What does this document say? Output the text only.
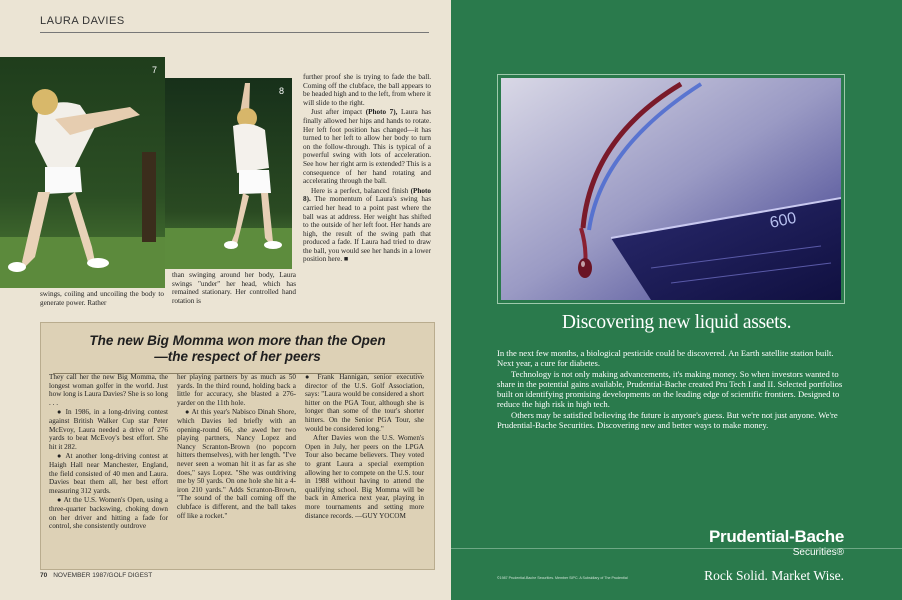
LAURA DAVIES
7
8

swings, coiling and uncoiling the body to generate power. Rather

than swinging around her body, Laura swings "under" her head, which has remained stationary. Her controlled hand rotation is

further proof she is trying to fade the ball. Coming off the clubface, the ball appears to be headed high and to the left, from where it will slide to the right.

Just after impact (Photo 7), Laura has finally allowed her hips and hands to rotate. Her left foot position has changed—it has turned to her left to allow her body to turn on the follow-through. This is typical of a powerful swing with lots of acceleration. See how her right arm is extended? This is a consequence of her hand rotating and accelerating through the ball.

Here is a perfect, balanced finish (Photo 8). The momentum of Laura's swing has carried her head to a point past where the ball was at address. Her weight has shifted to the outside of her left foot. Her hands are high, the result of the swing path that produced a fade. If Laura had tried to draw the ball, you would see her hands in a lower position here. ■

The new Big Momma won more than the Open
—the respect of her peers

They call her the new Big Momma, the longest woman golfer in the world. Just how long is Laura Davies? She is so long . . .

● In 1986, in a long-driving contest against British Walker Cup star Peter McEvoy, Laura needed a drive of 276 yards to beat McEvoy's best effort. She hit it 282.

● At another long-driving contest at Haigh Hall near Manchester, England, the field consisted of 40 men and Laura. Davies beat them all, her best effort measuring 312 yards.

● At the U.S. Women's Open, using a three-quarter backswing, choking down on her driver and hitting a fade for control, she consistently outdrove

her playing partners by as much as 50 yards. In the third round, holding back a little for accuracy, she blasted a 276-yarder on the 11th hole.

● At this year's Nabisco Dinah Shore, which Davies led briefly with an opening-round 66, she awed her two playing partners, Nancy Lopez and Nancy Scranton-Brown (no popcorn hitters themselves), with her length. "I've never seen a woman hit it as far as she does," says Lopez. "She was outdriving me by 50 yards. On one hole she hit a 4-iron 210 yards." Adds Scranton-Brown, "The sound of the ball coming off the clubface is different, and the ball takes off like a rocket."

● Frank Hannigan, senior executive director of the U.S. Golf Association, says: "Laura would be considered a short hitter on the PGA Tour, although she is longer than some of the tour's shorter hitters. On the Senior PGA Tour, she would be considered long."

After Davies won the U.S. Women's Open in July, her peers on the LPGA Tour also became believers. They voted to grant Laura a special exemption allowing her to compete on the U.S. tour in 1988 without having to attend the qualifying school. Big Momma will be back in America next year, playing in more tournaments and setting more distance records. —GUY YOCOM

70 NOVEMBER 1987/GOLF DIGEST
600
Discovering new liquid assets.

In the next few months, a biological pesticide could be discovered. An Earth satellite station built. Next year, a cure for diabetes.

Technology is not only making advancements, it's making money. So when investors wanted to share in the potential gains available, Prudential-Bache created Pru Tech I and II. Selected portfolios built on identifying promising developments on the leading edge of scientific frontiers. Designed to reduce the high risk in high tech.

Others may be satisfied believing the future is anyone's guess. But we're not just anyone. We're Prudential-Bache Securities. Discovering new and better ways to make money.

Prudential-Bache
Securities®
Rock Solid. Market Wise.
©1987 Prudential-Bache Securities. Member SIPC. A Subsidiary of The Prudential
